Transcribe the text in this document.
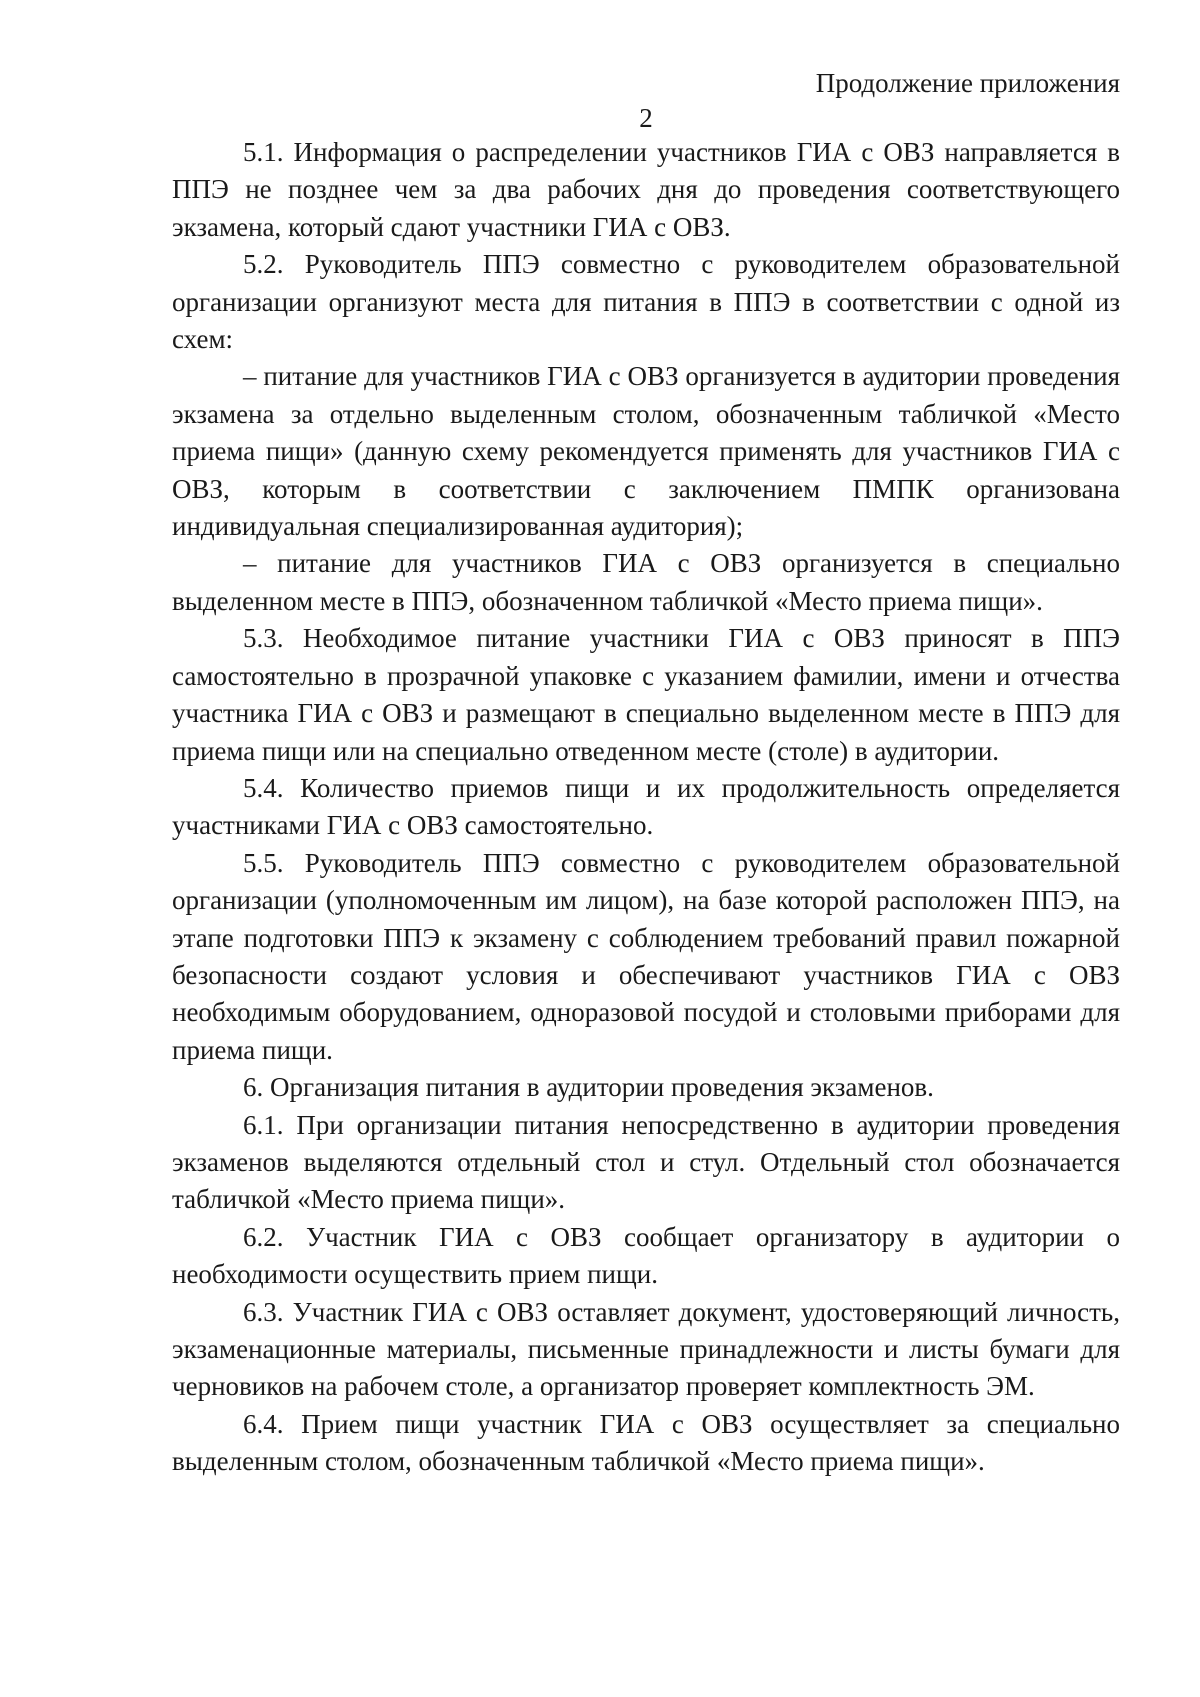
Продолжение приложения

2

5.1. Информация о распределении участников ГИА с ОВЗ направляется в ППЭ не позднее чем за два рабочих дня до проведения соответствующего экзамена, который сдают участники ГИА с ОВЗ.

5.2. Руководитель ППЭ совместно с руководителем образовательной организации организуют места для питания в ППЭ в соответствии с одной из схем:

– питание для участников ГИА с ОВЗ организуется в аудитории проведения экзамена за отдельно выделенным столом, обозначенным табличкой «Место приема пищи» (данную схему рекомендуется применять для участников ГИА с ОВЗ, которым в соответствии с заключением ПМПК организована индивидуальная специализированная аудитория);

– питание для участников ГИА с ОВЗ организуется в специально выделенном месте в ППЭ, обозначенном табличкой «Место приема пищи».

5.3. Необходимое питание участники ГИА с ОВЗ приносят в ППЭ самостоятельно в прозрачной упаковке с указанием фамилии, имени и отчества участника ГИА с ОВЗ и размещают в специально выделенном месте в ППЭ для приема пищи или на специально отведенном месте (столе) в аудитории.

5.4. Количество приемов пищи и их продолжительность определяется участниками ГИА с ОВЗ самостоятельно.

5.5. Руководитель ППЭ совместно с руководителем образовательной организации (уполномоченным им лицом), на базе которой расположен ППЭ, на этапе подготовки ППЭ к экзамену с соблюдением требований правил пожарной безопасности создают условия и обеспечивают участников ГИА с ОВЗ необходимым оборудованием, одноразовой посудой и столовыми приборами для приема пищи.

6. Организация питания в аудитории проведения экзаменов.

6.1. При организации питания непосредственно в аудитории проведения экзаменов выделяются отдельный стол и стул. Отдельный стол обозначается табличкой «Место приема пищи».

6.2. Участник ГИА с ОВЗ сообщает организатору в аудитории о необходимости осуществить прием пищи.

6.3. Участник ГИА с ОВЗ оставляет документ, удостоверяющий личность, экзаменационные материалы, письменные принадлежности и листы бумаги для черновиков на рабочем столе, а организатор проверяет комплектность ЭМ.

6.4. Прием пищи участник ГИА с ОВЗ осуществляет за специально выделенным столом, обозначенным табличкой «Место приема пищи».
